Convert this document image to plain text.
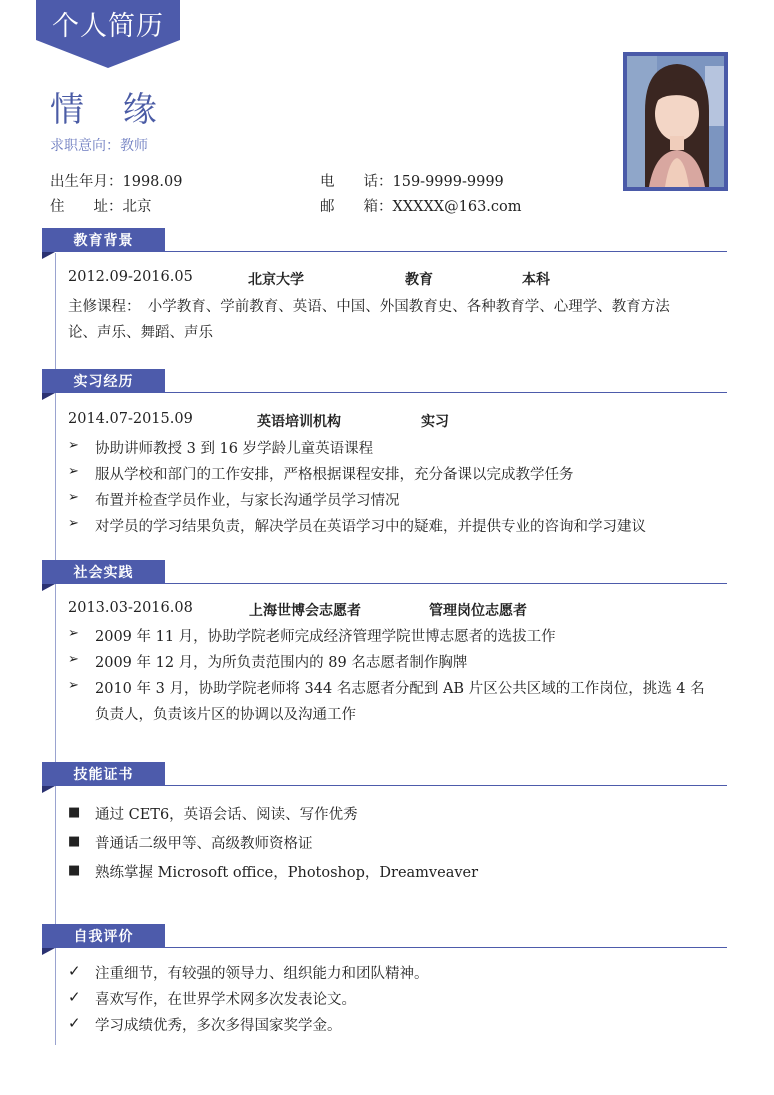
个人简历
情 缘
求职意向：教师
出生年月：1998.09
住　　址：北京
电　　话：159-9999-9999
邮　　箱：XXXXX@163.com
教育背景
2012.09-2016.05	北京大学	教育	本科
主修课程：　小学教育、学前教育、英语、中国、外国教育史、各种教育学、心理学、教育方法
论、声乐、舞蹈、声乐
实习经历
2014.07-2015.09	英语培训机构	实习
➢ 协助讲师教授 3 到 16 岁学龄儿童英语课程
➢ 服从学校和部门的工作安排，严格根据课程安排，充分备课以完成教学任务
➢ 布置并检查学员作业，与家长沟通学员学习情况
➢ 对学员的学习结果负责，解决学员在英语学习中的疑难，并提供专业的咨询和学习建议
社会实践
2013.03-2016.08	上海世博会志愿者	管理岗位志愿者
➢ 2009 年 11 月，协助学院老师完成经济管理学院世博志愿者的选拔工作
➢ 2009 年 12 月，为所负责范围内的 89 名志愿者制作胸牌
➢ 2010 年 3 月，协助学院老师将 344 名志愿者分配到 AB 片区公共区域的工作岗位，挑选 4 名
负责人，负责该片区的协调以及沟通工作
技能证书
■ 通过 CET6，英语会话、阅读、写作优秀
■ 普通话二级甲等、高级教师资格证
■ 熟练掌握 Microsoft office，Photoshop，Dreamveaver
自我评价
✓ 注重细节，有较强的领导力、组织能力和团队精神。
✓ 喜欢写作，在世界学术网多次发表论文。
✓ 学习成绩优秀，多次多得国家奖学金。
